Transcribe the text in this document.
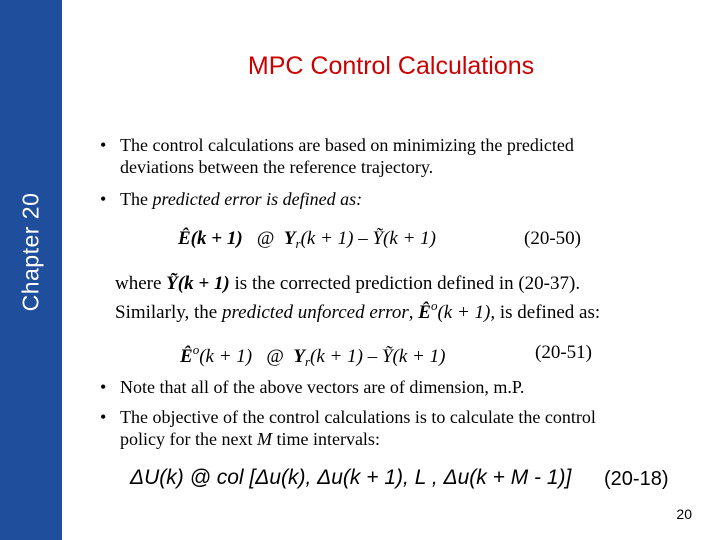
Chapter 20
MPC Control Calculations
• The control calculations are based on minimizing the predicted
deviations between the reference trajectory.
• The predicted error is defined as:
Ê(k + 1) @ $Y_r(k + 1)$ – Ỹ(k + 1)	(20-50)
where Ỹ(k + 1) is the corrected prediction defined in (20-37).
Similarly, the predicted unforced error, $Ê^o(k + 1)$, is defined as:
$Ê^o(k + 1)$ @ $Y_r(k + 1)$ – Ỹ(k + 1)	(20-51)
• Note that all of the above vectors are of dimension, m.P.
• The objective of the control calculations is to calculate the control
policy for the next M time intervals:
ΔU(k) @ col [Δu(k), Δu(k + 1), L , Δu(k + M - 1)] (20-18)
20
